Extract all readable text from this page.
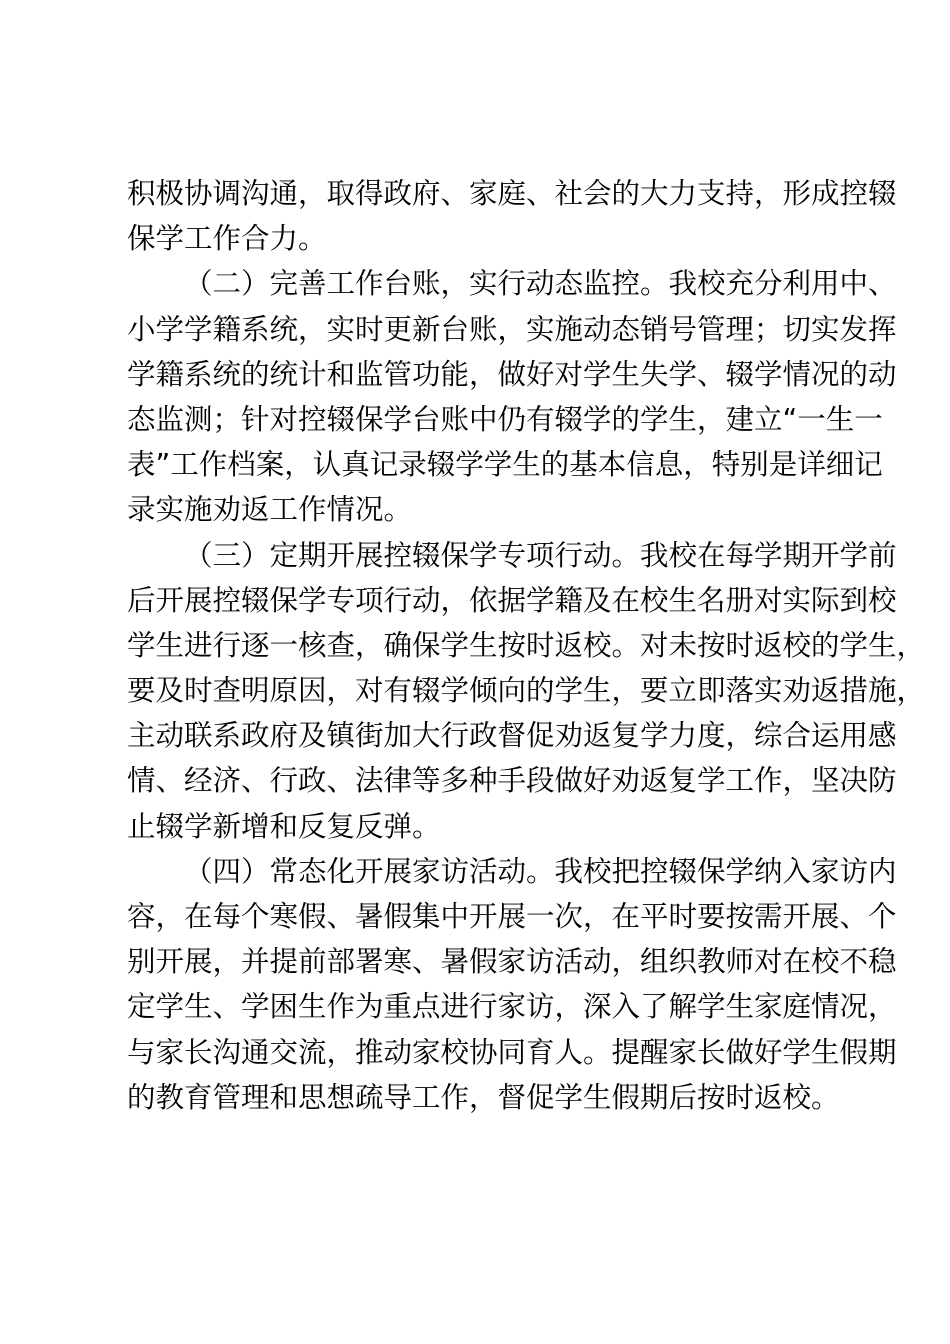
积极协调沟通，取得政府、家庭、社会的大力支持，形成控辍
保学工作合力。
（二）完善工作台账，实行动态监控。我校充分利用中、
小学学籍系统，实时更新台账，实施动态销号管理；切实发挥
学籍系统的统计和监管功能，做好对学生失学、辍学情况的动
态监测；针对控辍保学台账中仍有辍学的学生，建立“一生一
表”工作档案，认真记录辍学学生的基本信息，特别是详细记
录实施劝返工作情况。
（三）定期开展控辍保学专项行动。我校在每学期开学前
后开展控辍保学专项行动，依据学籍及在校生名册对实际到校
学生进行逐一核查，确保学生按时返校。对未按时返校的学生，
要及时查明原因，对有辍学倾向的学生，要立即落实劝返措施，
主动联系政府及镇街加大行政督促劝返复学力度，综合运用感
情、经济、行政、法律等多种手段做好劝返复学工作，坚决防
止辍学新增和反复反弹。
（四）常态化开展家访活动。我校把控辍保学纳入家访内
容，在每个寒假、暑假集中开展一次，在平时要按需开展、个
别开展，并提前部署寒、暑假家访活动，组织教师对在校不稳
定学生、学困生作为重点进行家访，深入了解学生家庭情况，
与家长沟通交流，推动家校协同育人。提醒家长做好学生假期
的教育管理和思想疏导工作，督促学生假期后按时返校。
